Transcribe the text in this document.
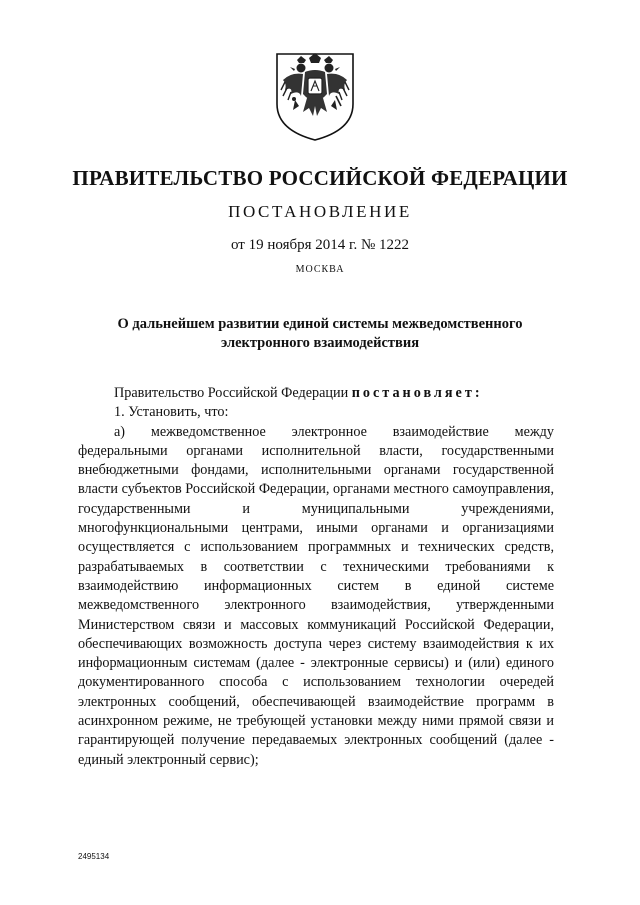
ПРАВИТЕЛЬСТВО РОССИЙСКОЙ ФЕДЕРАЦИИ
ПОСТАНОВЛЕНИЕ
от 19 ноября 2014 г. № 1222
МОСКВА
О дальнейшем развитии единой системы межведомственного
электронного взаимодействия

Правительство Российской Федерации постановляет:

1. Установить, что:

а) межведомственное электронное взаимодействие между федеральными органами исполнительной власти, государственными внебюджетными фондами, исполнительными органами государственной власти субъектов Российской Федерации, органами местного самоуправления, государственными и муниципальными учреждениями, многофункциональными центрами, иными органами и организациями осуществляется с использованием программных и технических средств, разрабатываемых в соответствии с техническими требованиями к взаимодействию информационных систем в единой системе межведомственного электронного взаимодействия, утвержденными Министерством связи и массовых коммуникаций Российской Федерации, обеспечивающих возможность доступа через систему взаимодействия к их информационным системам (далее - электронные сервисы) и (или) единого документированного способа с использованием технологии очередей электронных сообщений, обеспечивающей взаимодействие программ в асинхронном режиме, не требующей установки между ними прямой связи и гарантирующей получение передаваемых электронных сообщений (далее - единый электронный сервис);

2495134
